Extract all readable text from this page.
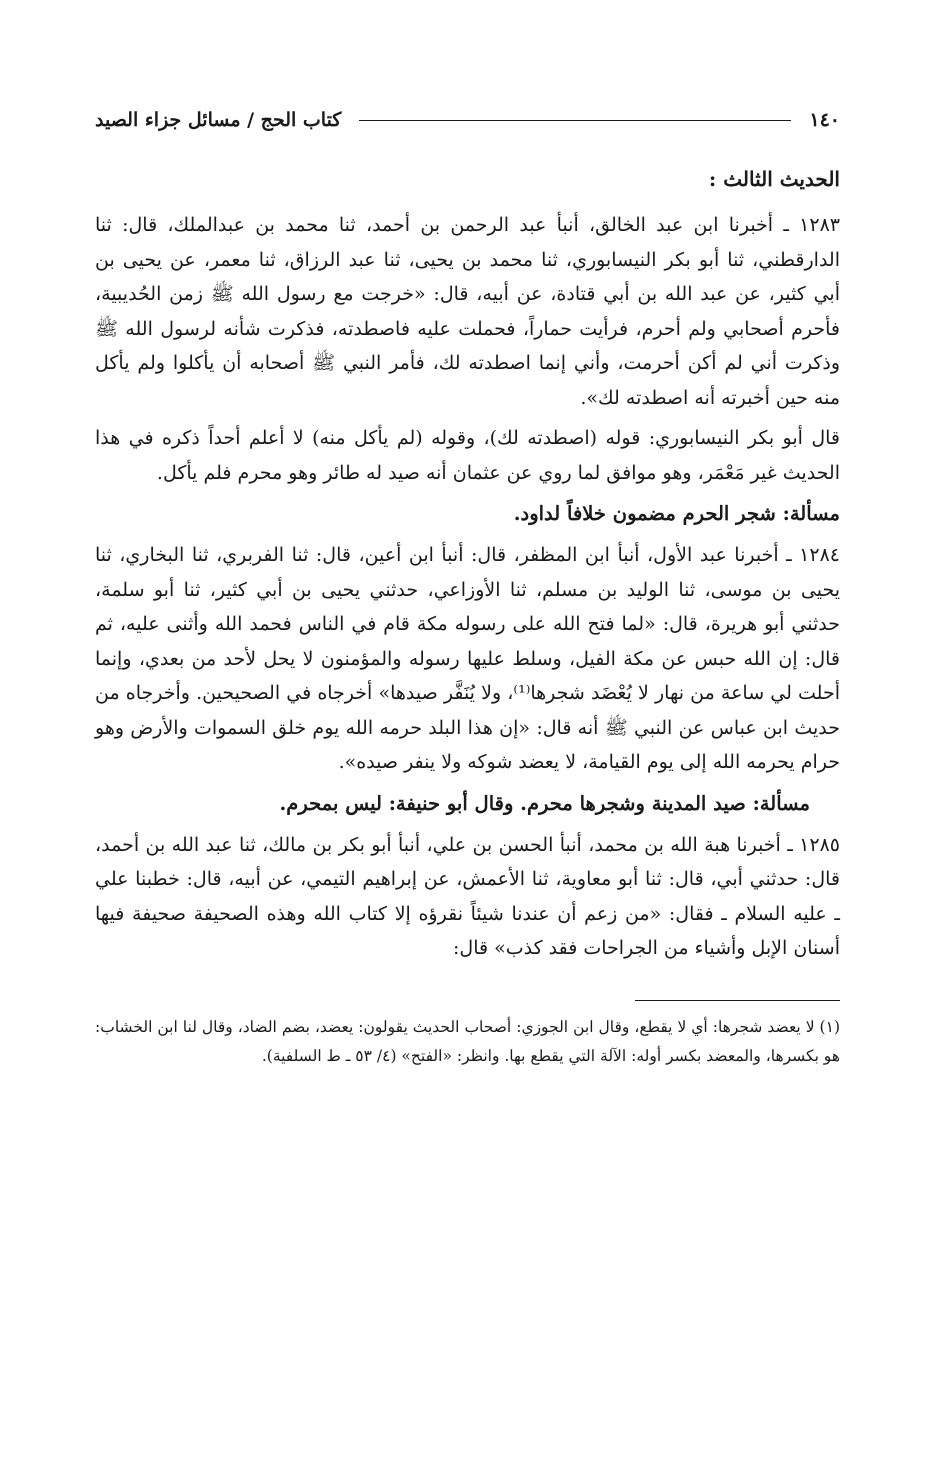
١٤٠
كتاب الحج / مسائل جزاء الصيد
الحديث الثالث :

١٢٨٣ ـ أخبرنا ابن عبد الخالق، أنبأ عبد الرحمن بن أحمد، ثنا محمد بن عبدالملك، قال: ثنا الدارقطني، ثنا أبو بكر النيسابوري، ثنا محمد بن يحيى، ثنا عبد الرزاق، ثنا معمر، عن يحيى بن أبي كثير، عن عبد الله بن أبي قتادة، عن أبيه، قال: «خرجت مع رسول الله ﷺ زمن الحُديبية، فأحرم أصحابي ولم أحرم، فرأيت حماراً، فحملت عليه فاصطدته، فذكرت شأنه لرسول الله ﷺ وذكرت أني لم أكن أحرمت، وأني إنما اصطدته لك، فأمر النبي ﷺ أصحابه أن يأكلوا ولم يأكل منه حين أخبرته أنه اصطدته لك».

قال أبو بكر النيسابوري: قوله (اصطدته لك)، وقوله (لم يأكل منه) لا أعلم أحداً ذكره في هذا الحديث غير مَعْمَر، وهو موافق لما روي عن عثمان أنه صيد له طائر وهو محرم فلم يأكل.

مسألة: شجر الحرم مضمون خلافاً لداود.

١٢٨٤ ـ أخبرنا عبد الأول، أنبأ ابن المظفر، قال: أنبأ ابن أعين، قال: ثنا الفربري، ثنا البخاري، ثنا يحيى بن موسى، ثنا الوليد بن مسلم، ثنا الأوزاعي، حدثني يحيى بن أبي كثير، ثنا أبو سلمة، حدثني أبو هريرة، قال: «لما فتح الله على رسوله مكة قام في الناس فحمد الله وأثنى عليه، ثم قال: إن الله حبس عن مكة الفيل، وسلط عليها رسوله والمؤمنون لا يحل لأحد من بعدي، وإنما أحلت لي ساعة من نهار لا يُعْضَد شجرها⁽¹⁾، ولا يُنَفَّر صيدها» أخرجاه في الصحيحين. وأخرجاه من حديث ابن عباس عن النبي ﷺ أنه قال: «إن هذا البلد حرمه الله يوم خلق السموات والأرض وهو حرام يحرمه الله إلى يوم القيامة، لا يعضد شوكه ولا ينفر صيده».

مسألة: صيد المدينة وشجرها محرم. وقال أبو حنيفة: ليس بمحرم.

١٢٨٥ ـ أخبرنا هبة الله بن محمد، أنبأ الحسن بن علي، أنبأ أبو بكر بن مالك، ثنا عبد الله بن أحمد، قال: حدثني أبي، قال: ثنا أبو معاوية، ثنا الأعمش، عن إبراهيم التيمي، عن أبيه، قال: خطبنا علي ـ عليه السلام ـ فقال: «من زعم أن عندنا شيئاً نقرؤه إلا كتاب الله وهذه الصحيفة صحيفة فيها أسنان الإبل وأشياء من الجراحات فقد كذب» قال:

(١) لا يعضد شجرها: أي لا يقطع، وقال ابن الجوزي: أصحاب الحديث يقولون: يعضد، بضم الضاد، وقال لنا ابن الخشاب: هو بكسرها، والمعضد بكسر أوله: الآلة التي يقطع بها. وانظر: «الفتح» (٤/ ٥٣ ـ ط السلفية).
